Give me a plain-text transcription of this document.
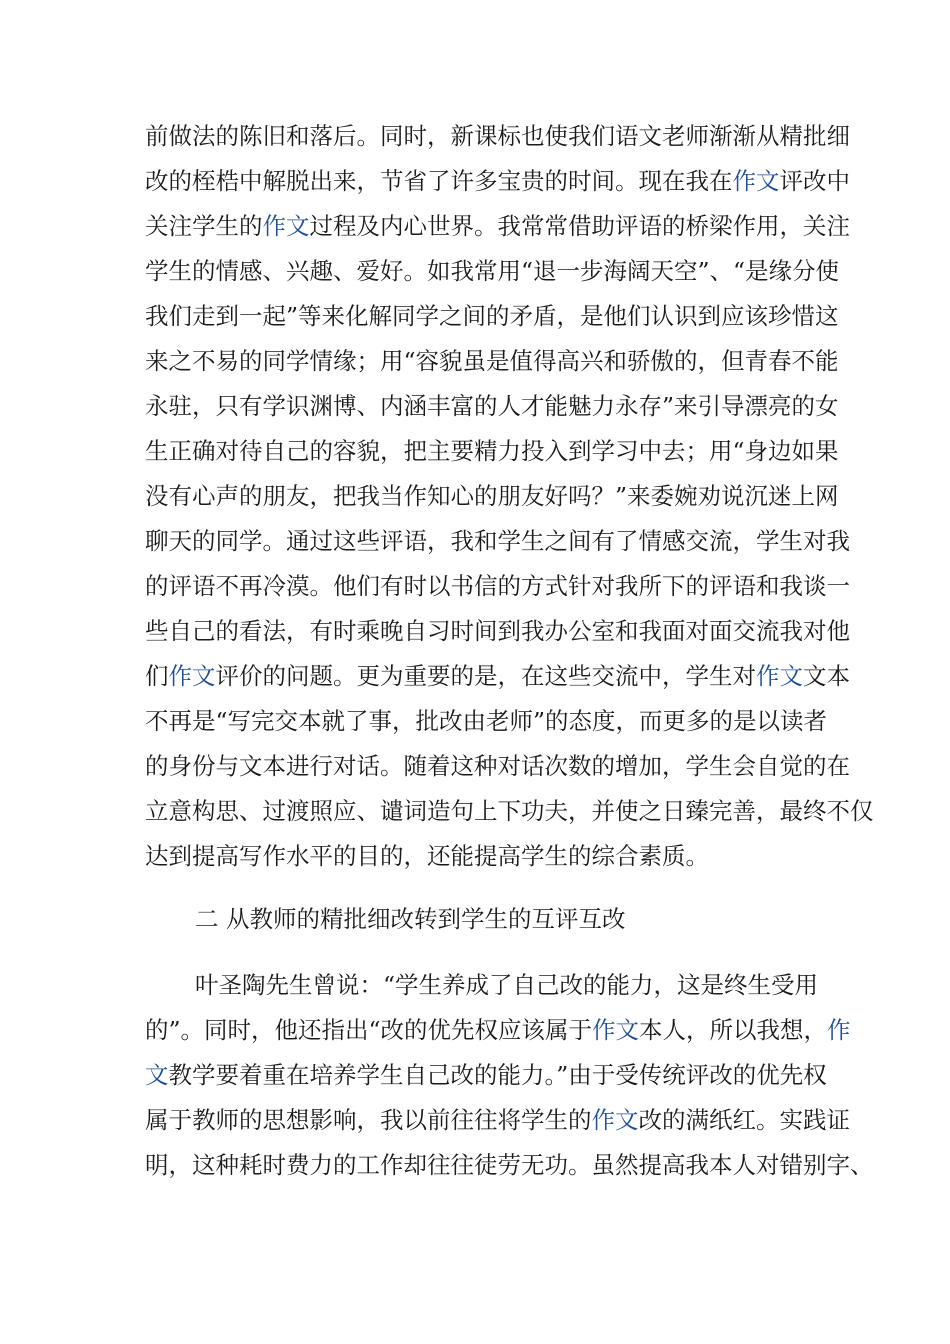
前做法的陈旧和落后。同时，新课标也使我们语文老师渐渐从精批细
改的桎梏中解脱出来，节省了许多宝贵的时间。现在我在作文评改中
关注学生的作文过程及内心世界。我常常借助评语的桥梁作用，关注
学生的情感、兴趣、爱好。如我常用“退一步海阔天空”、“是缘分使
我们走到一起”等来化解同学之间的矛盾，是他们认识到应该珍惜这
来之不易的同学情缘；用“容貌虽是值得高兴和骄傲的，但青春不能
永驻，只有学识渊博、内涵丰富的人才能魅力永存”来引导漂亮的女
生正确对待自己的容貌，把主要精力投入到学习中去；用“身边如果
没有心声的朋友，把我当作知心的朋友好吗？”来委婉劝说沉迷上网
聊天的同学。通过这些评语，我和学生之间有了情感交流，学生对我
的评语不再冷漠。他们有时以书信的方式针对我所下的评语和我谈一
些自己的看法，有时乘晚自习时间到我办公室和我面对面交流我对他
们作文评价的问题。更为重要的是，在这些交流中，学生对作文文本
不再是“写完交本就了事，批改由老师”的态度，而更多的是以读者
的身份与文本进行对话。随着这种对话次数的增加，学生会自觉的在
立意构思、过渡照应、谴词造句上下功夫，并使之日臻完善，最终不仅
达到提高写作水平的目的，还能提高学生的综合素质。
二 从教师的精批细改转到学生的互评互改
叶圣陶先生曾说：“学生养成了自己改的能力，这是终生受用
的”。同时，他还指出“改的优先权应该属于作文本人，所以我想，作
文教学要着重在培养学生自己改的能力。”由于受传统评改的优先权
属于教师的思想影响，我以前往往将学生的作文改的满纸红。实践证
明，这种耗时费力的工作却往往徒劳无功。虽然提高我本人对错别字、
